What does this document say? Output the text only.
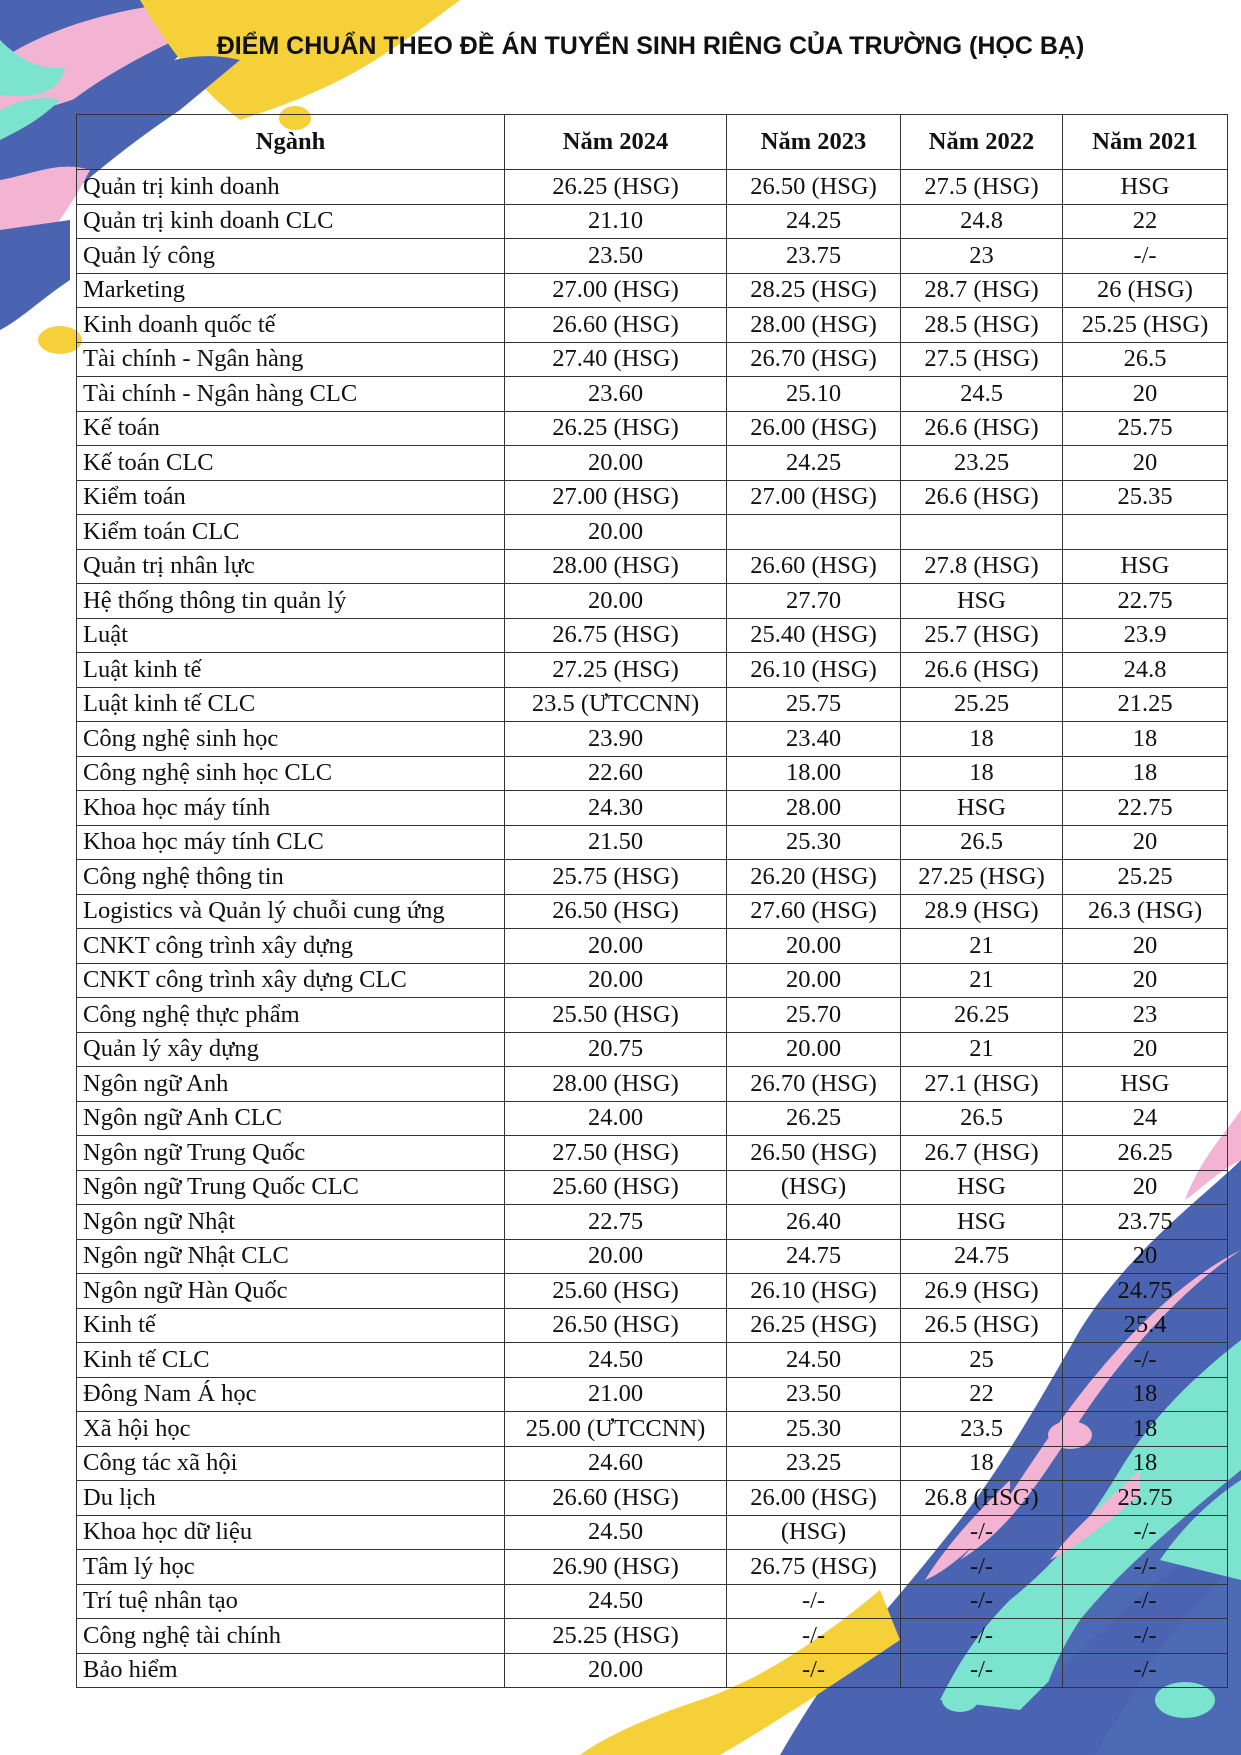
ĐIỂM CHUẨN THEO ĐỀ ÁN TUYỂN SINH RIÊNG CỦA TRƯỜNG (HỌC BẠ)
Ngành	Năm 2024	Năm 2023	Năm 2022	Năm 2021
Quản trị kinh doanh	26.25 (HSG)	26.50 (HSG)	27.5 (HSG)	HSG
Quản trị kinh doanh CLC	21.10	24.25	24.8	22
Quản lý công	23.50	23.75	23	-/-
Marketing	27.00 (HSG)	28.25 (HSG)	28.7 (HSG)	26 (HSG)
Kinh doanh quốc tế	26.60 (HSG)	28.00 (HSG)	28.5 (HSG)	25.25 (HSG)
Tài chính - Ngân hàng	27.40 (HSG)	26.70 (HSG)	27.5 (HSG)	26.5
Tài chính - Ngân hàng CLC	23.60	25.10	24.5	20
Kế toán	26.25 (HSG)	26.00 (HSG)	26.6 (HSG)	25.75
Kế toán CLC	20.00	24.25	23.25	20
Kiểm toán	27.00 (HSG)	27.00 (HSG)	26.6 (HSG)	25.35
Kiểm toán CLC	20.00			
Quản trị nhân lực	28.00 (HSG)	26.60 (HSG)	27.8 (HSG)	HSG
Hệ thống thông tin quản lý	20.00	27.70	HSG	22.75
Luật	26.75 (HSG)	25.40 (HSG)	25.7 (HSG)	23.9
Luật kinh tế	27.25 (HSG)	26.10 (HSG)	26.6 (HSG)	24.8
Luật kinh tế CLC	23.5 (ƯTCCNN)	25.75	25.25	21.25
Công nghệ sinh học	23.90	23.40	18	18
Công nghệ sinh học CLC	22.60	18.00	18	18
Khoa học máy tính	24.30	28.00	HSG	22.75
Khoa học máy tính CLC	21.50	25.30	26.5	20
Công nghệ thông tin	25.75 (HSG)	26.20 (HSG)	27.25 (HSG)	25.25
Logistics và Quản lý chuỗi cung ứng	26.50 (HSG)	27.60 (HSG)	28.9 (HSG)	26.3 (HSG)
CNKT công trình xây dựng	20.00	20.00	21	20
CNKT công trình xây dựng CLC	20.00	20.00	21	20
Công nghệ thực phẩm	25.50 (HSG)	25.70	26.25	23
Quản lý xây dựng	20.75	20.00	21	20
Ngôn ngữ Anh	28.00 (HSG)	26.70 (HSG)	27.1 (HSG)	HSG
Ngôn ngữ Anh CLC	24.00	26.25	26.5	24
Ngôn ngữ Trung Quốc	27.50 (HSG)	26.50 (HSG)	26.7 (HSG)	26.25
Ngôn ngữ Trung Quốc CLC	25.60 (HSG)	(HSG)	HSG	20
Ngôn ngữ Nhật	22.75	26.40	HSG	23.75
Ngôn ngữ Nhật CLC	20.00	24.75	24.75	20
Ngôn ngữ Hàn Quốc	25.60 (HSG)	26.10 (HSG)	26.9 (HSG)	24.75
Kinh tế	26.50 (HSG)	26.25 (HSG)	26.5 (HSG)	25.4
Kinh tế CLC	24.50	24.50	25	-/-
Đông Nam Á học	21.00	23.50	22	18
Xã hội học	25.00 (ƯTCCNN)	25.30	23.5	18
Công tác xã hội	24.60	23.25	18	18
Du lịch	26.60 (HSG)	26.00 (HSG)	26.8 (HSG)	25.75
Khoa học dữ liệu	24.50	(HSG)	-/-	-/-
Tâm lý học	26.90 (HSG)	26.75 (HSG)	-/-	-/-
Trí tuệ nhân tạo	24.50	-/-	-/-	-/-
Công nghệ tài chính	25.25 (HSG)	-/-	-/-	-/-
Bảo hiểm	20.00	-/-	-/-	-/-
